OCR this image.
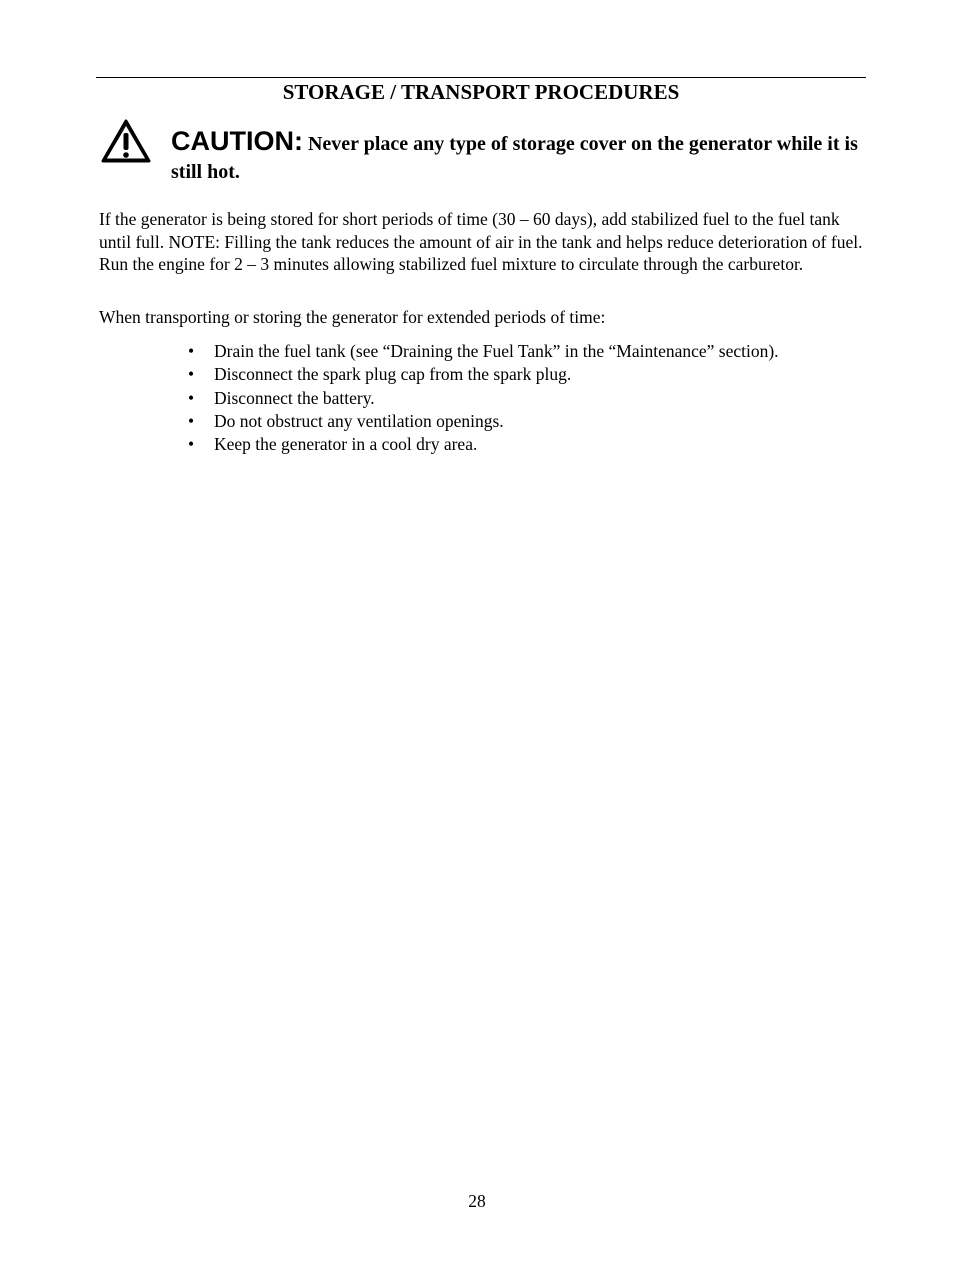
STORAGE / TRANSPORT PROCEDURES
CAUTION: Never place any type of storage cover on the generator while it is still hot.

If the generator is being stored for short periods of time (30 – 60 days), add stabilized fuel to the fuel tank until full. NOTE: Filling the tank reduces the amount of air in the tank and helps reduce deterioration of fuel. Run the engine for 2 – 3 minutes allowing stabilized fuel mixture to circulate through the carburetor.

When transporting or storing the generator for extended periods of time:

• Drain the fuel tank (see “Draining the Fuel Tank” in the “Maintenance” section).
• Disconnect the spark plug cap from the spark plug.
• Disconnect the battery.
• Do not obstruct any ventilation openings.
• Keep the generator in a cool dry area.
28
